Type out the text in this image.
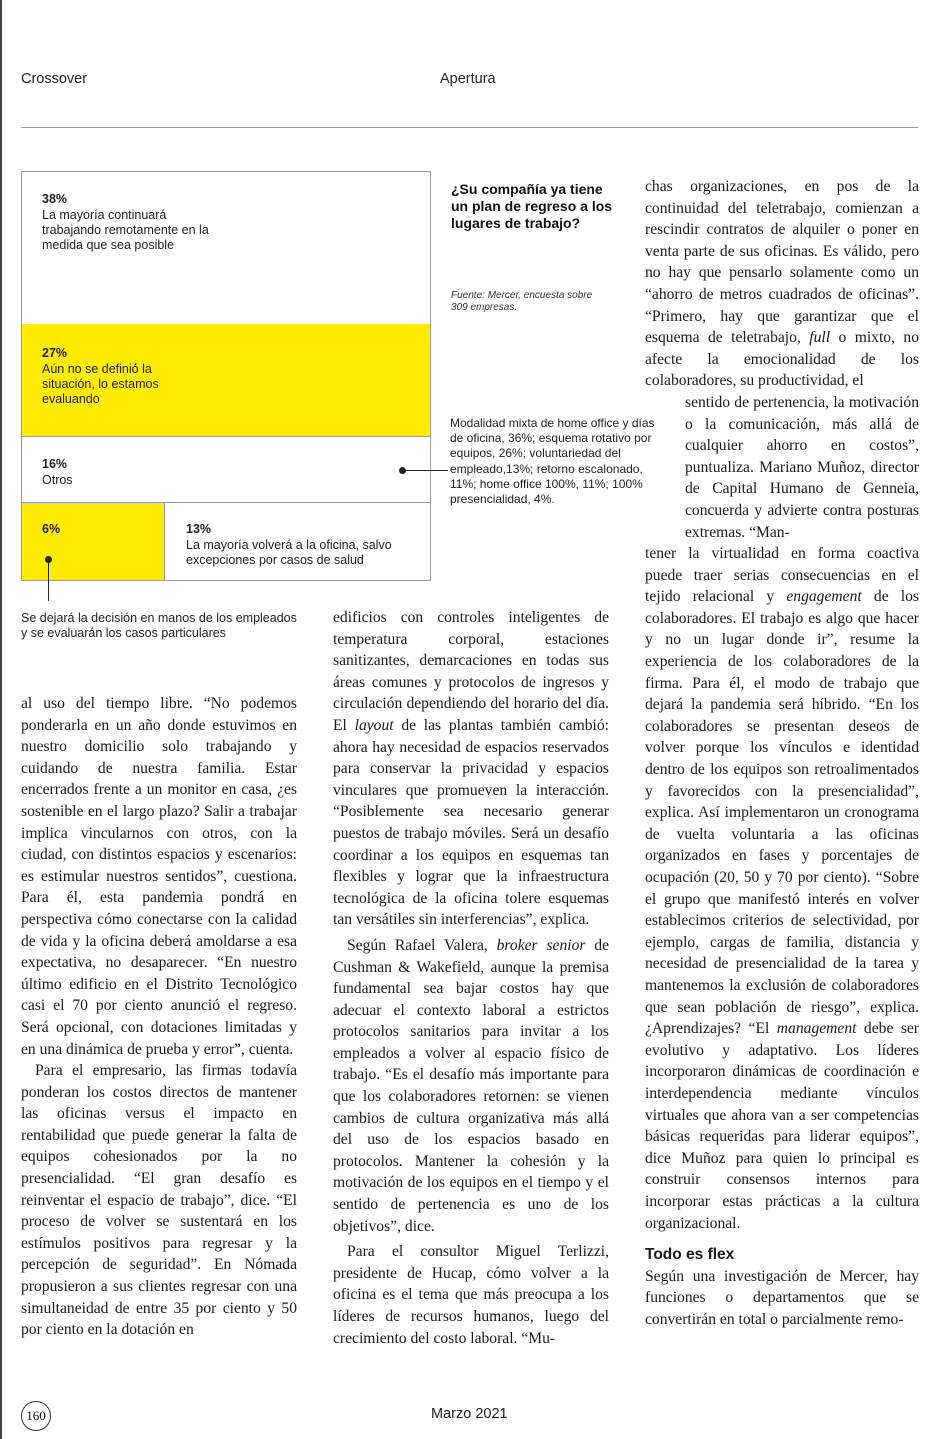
Crossover	Apertura
38%
La mayoría continuará trabajando remotamente en la medida que sea posible
27%
Aún no se definió la situación, lo estamos evaluando
16%
Otros
6%	13%
La mayoría volverá a la oficina, salvo excepciones por casos de salud
Se dejará la decisión en manos de los empleados y se evaluarán los casos particulares
¿Su compañía ya tiene un plan de regreso a los lugares de trabajo?
Fuente: Mercer, encuesta sobre 309 empresas.
Modalidad mixta de home office y días de oficina, 36%; esquema rotativo por equipos, 26%; voluntariedad del empleado,13%; retorno escalonado, 11%; home office 100%, 11%; 100% presencialidad, 4%.

al uso del tiempo libre. “No podemos ponderarla en un año donde estuvimos en nuestro domicilio solo trabajando y cuidando de nuestra familia. Estar encerrados frente a un monitor en casa, ¿es sostenible en el largo plazo? Salir a trabajar implica vincularnos con otros, con la ciudad, con distintos espacios y escenarios: es estimular nuestros sentidos”, cuestiona. Para él, esta pandemia pondrá en perspectiva cómo conectarse con la calidad de vida y la oficina deberá amoldarse a esa expectativa, no desaparecer. “En nuestro último edificio en el Distrito Tecnológico casi el 70 por ciento anunció el regreso. Será opcional, con dotaciones limitadas y en una dinámica de prueba y error”, cuenta.

Para el empresario, las firmas todavía ponderan los costos directos de mantener las oficinas versus el impacto en rentabilidad que puede generar la falta de equipos cohesionados por la no presencialidad. “El gran desafío es reinventar el espacio de trabajo”, dice. “El proceso de volver se sustentará en los estímulos positivos para regresar y la percepción de seguridad”. En Nómada propusieron a sus clientes regresar con una simultaneidad de entre 35 por ciento y 50 por ciento en la dotación en

edificios con controles inteligentes de temperatura corporal, estaciones sanitizantes, demarcaciones en todas sus áreas comunes y protocolos de ingresos y circulación dependiendo del horario del día. El layout de las plantas también cambió: ahora hay necesidad de espacios reservados para conservar la privacidad y espacios vinculares que promueven la interacción. “Posiblemente sea necesario generar puestos de trabajo móviles. Será un desafío coordinar a los equipos en esquemas tan flexibles y lograr que la infraestructura tecnológica de la oficina tolere esquemas tan versátiles sin interferencias”, explica.

Según Rafael Valera, broker senior de Cushman & Wakefield, aunque la premisa fundamental sea bajar costos hay que adecuar el contexto laboral a estrictos protocolos sanitarios para invitar a los empleados a volver al espacio físico de trabajo. “Es el desafío más importante para que los colaboradores retornen: se vienen cambios de cultura organizativa más allá del uso de los espacios basado en protocolos. Mantener la cohesión y la motivación de los equipos en el tiempo y el sentido de pertenencia es uno de los objetivos”, dice.

Para el consultor Miguel Terlizzi, presidente de Hucap, cómo volver a la oficina es el tema que más preocupa a los líderes de recursos humanos, luego del crecimiento del costo laboral. “Mu-

chas organizaciones, en pos de la continuidad del teletrabajo, comienzan a rescindir contratos de alquiler o poner en venta parte de sus oficinas. Es válido, pero no hay que pensarlo solamente como un “ahorro de metros cuadrados de oficinas”. “Primero, hay que garantizar que el esquema de teletrabajo, full o mixto, no afecte la emocionalidad de los colaboradores, su productividad, el

sentido de pertenencia, la motivación o la comunicación, más allá de cualquier ahorro en costos”, puntualiza. Mariano Muñoz, director de Capital Humano de Genneia, concuerda y advierte contra posturas extremas. “Man-

tener la virtualidad en forma coactiva puede traer serias consecuencias en el tejido relacional y engagement de los colaboradores. El trabajo es algo que hacer y no un lugar donde ir”, resume la experiencia de los colaboradores de la firma. Para él, el modo de trabajo que dejará la pandemia será híbrido. “En los colaboradores se presentan deseos de volver porque los vínculos e identidad dentro de los equipos son retroalimentados y favorecidos con la presencialidad”, explica. Así implementaron un cronograma de vuelta voluntaria a las oficinas organizados en fases y porcentajes de ocupación (20, 50 y 70 por ciento). “Sobre el grupo que manifestó interés en volver establecimos criterios de selectividad, por ejemplo, cargas de familia, distancia y necesidad de presencialidad de la tarea y mantenemos la exclusión de colaboradores que sean población de riesgo”, explica. ¿Aprendizajes? “El management debe ser evolutivo y adaptativo. Los líderes incorporaron dinámicas de coordinación e interdependencia mediante vínculos virtuales que ahora van a ser competencias básicas requeridas para liderar equipos”, dice Muñoz para quien lo principal es construir consensos internos para incorporar estas prácticas a la cultura organizacional.

Todo es flex

Según una investigación de Mercer, hay funciones o departamentos que se convertirán en total o parcialmente remo-

160	Marzo 2021
